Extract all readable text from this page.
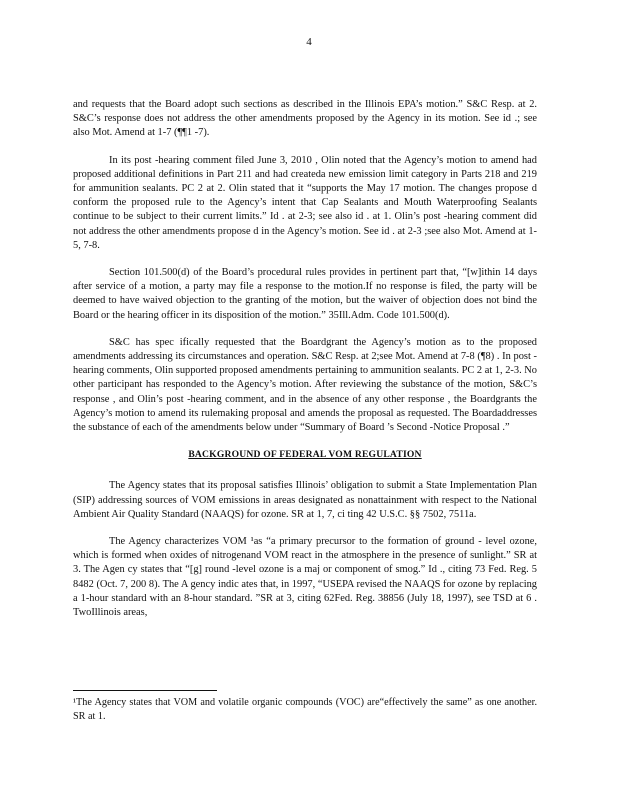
4

and requests that the Board adopt such sections as described in the Illinois EPA’s motion.” S&C Resp. at 2. S&C’s response does not address the other amendments proposed by the Agency in its motion. See id .; see also Mot. Amend at 1-7 (¶¶1 -7).

In its post -hearing comment filed June 3, 2010 , Olin noted that the Agency’s motion to amend had proposed additional definitions in Part 211 and had createda new emission limit category in Parts 218 and 219 for ammunition sealants. PC 2 at 2. Olin stated that it “supports the May 17 motion. The changes propose d conform the proposed rule to the Agency’s intent that Cap Sealants and Mouth Waterproofing Sealants continue to be subject to their current limits.” Id . at 2-3; see also id . at 1. Olin’s post -hearing comment did not address the other amendments propose d in the Agency’s motion. See id . at 2-3 ;see also Mot. Amend at 1-5, 7-8.

Section 101.500(d) of the Board’s procedural rules provides in pertinent part that, “[w]ithin 14 days after service of a motion, a party may file a response to the motion.If no response is filed, the party will be deemed to have waived objection to the granting of the motion, but the waiver of objection does not bind the Board or the hearing officer in its disposition of the motion.” 35Ill.Adm. Code 101.500(d).

S&C has spec ifically requested that the Boardgrant the Agency’s motion as to the proposed amendments addressing its circumstances and operation. S&C Resp. at 2;see Mot. Amend at 7-8 (¶8) . In post -hearing comments, Olin supported proposed amendments pertaining to ammunition sealants. PC 2 at 1, 2-3. No other participant has responded to the Agency’s motion. After reviewing the substance of the motion, S&C’s response , and Olin’s post -hearing comment, and in the absence of any other response , the Boardgrants the Agency’s motion to amend its rulemaking proposal and amends the proposal as requested. The Boardaddresses the substance of each of the amendments below under “Summary of Board ’s Second -Notice Proposal .”

BACKGROUND OF FEDERAL VOM REGULATION

The Agency states that its proposal satisfies Illinois’ obligation to submit a State Implementation Plan (SIP) addressing sources of VOM emissions in areas designated as nonattainment with respect to the National Ambient Air Quality Standard (NAAQS) for ozone. SR at 1, 7, ci ting 42 U.S.C. §§ 7502, 7511a.

The Agency characterizes VOM ¹as “a primary precursor to the formation of ground - level ozone, which is formed when oxides of nitrogenand VOM react in the atmosphere in the presence of sunlight.” SR at 3. The Agen cy states that “[g] round -level ozone is a maj or component of smog.” Id ., citing 73 Fed. Reg. 5 8482 (Oct. 7, 200 8). The A gency indic ates that, in 1997, “USEPA revised the NAAQS for ozone by replacing a 1-hour standard with an 8-hour standard. ”SR at 3, citing 62Fed. Reg. 38856 (July 18, 1997), see TSD at 6 . TwoIllinois areas,

¹The Agency states that VOM and volatile organic compounds (VOC) are“effectively the same” as one another. SR at 1.
